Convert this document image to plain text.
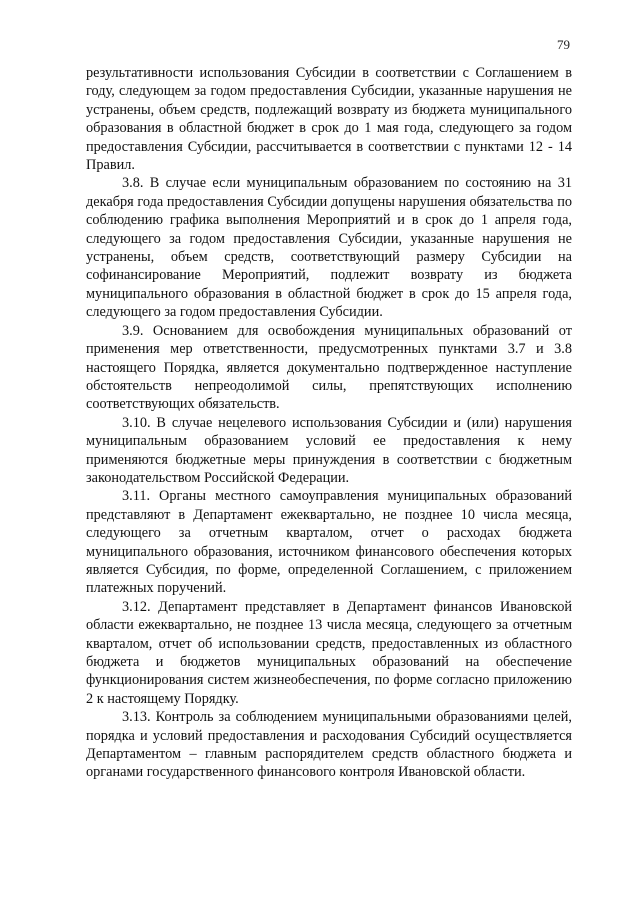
79

результативности использования Субсидии в соответствии с Соглашением в году, следующем за годом предоставления Субсидии, указанные нарушения не устранены, объем средств, подлежащий возврату из бюджета муниципального образования в областной бюджет в срок до 1 мая года, следующего за годом предоставления Субсидии, рассчитывается в соответствии с пунктами 12 - 14 Правил.

3.8. В случае если муниципальным образованием по состоянию на 31 декабря года предоставления Субсидии допущены нарушения обязательства по соблюдению графика выполнения Мероприятий и в срок до 1 апреля года, следующего за годом предоставления Субсидии, указанные нарушения не устранены, объем средств, соответствующий размеру Субсидии на софинансирование Мероприятий, подлежит возврату из бюджета муниципального образования в областной бюджет в срок до 15 апреля года, следующего за годом предоставления Субсидии.

3.9. Основанием для освобождения муниципальных образований от применения мер ответственности, предусмотренных пунктами 3.7 и 3.8 настоящего Порядка, является документально подтвержденное наступление обстоятельств непреодолимой силы, препятствующих исполнению соответствующих обязательств.

3.10. В случае нецелевого использования Субсидии и (или) нарушения муниципальным образованием условий ее предоставления к нему применяются бюджетные меры принуждения в соответствии с бюджетным законодательством Российской Федерации.

3.11. Органы местного самоуправления муниципальных образований представляют в Департамент ежеквартально, не позднее 10 числа месяца, следующего за отчетным кварталом, отчет о расходах бюджета муниципального образования, источником финансового обеспечения которых является Субсидия, по форме, определенной Соглашением, с приложением платежных поручений.

3.12. Департамент представляет в Департамент финансов Ивановской области ежеквартально, не позднее 13 числа месяца, следующего за отчетным кварталом, отчет об использовании средств, предоставленных из областного бюджета и бюджетов муниципальных образований на обеспечение функционирования систем жизнеобеспечения, по форме согласно приложению 2 к настоящему Порядку.

3.13. Контроль за соблюдением муниципальными образованиями целей, порядка и условий предоставления и расходования Субсидий осуществляется Департаментом – главным распорядителем средств областного бюджета и органами государственного финансового контроля Ивановской области.
